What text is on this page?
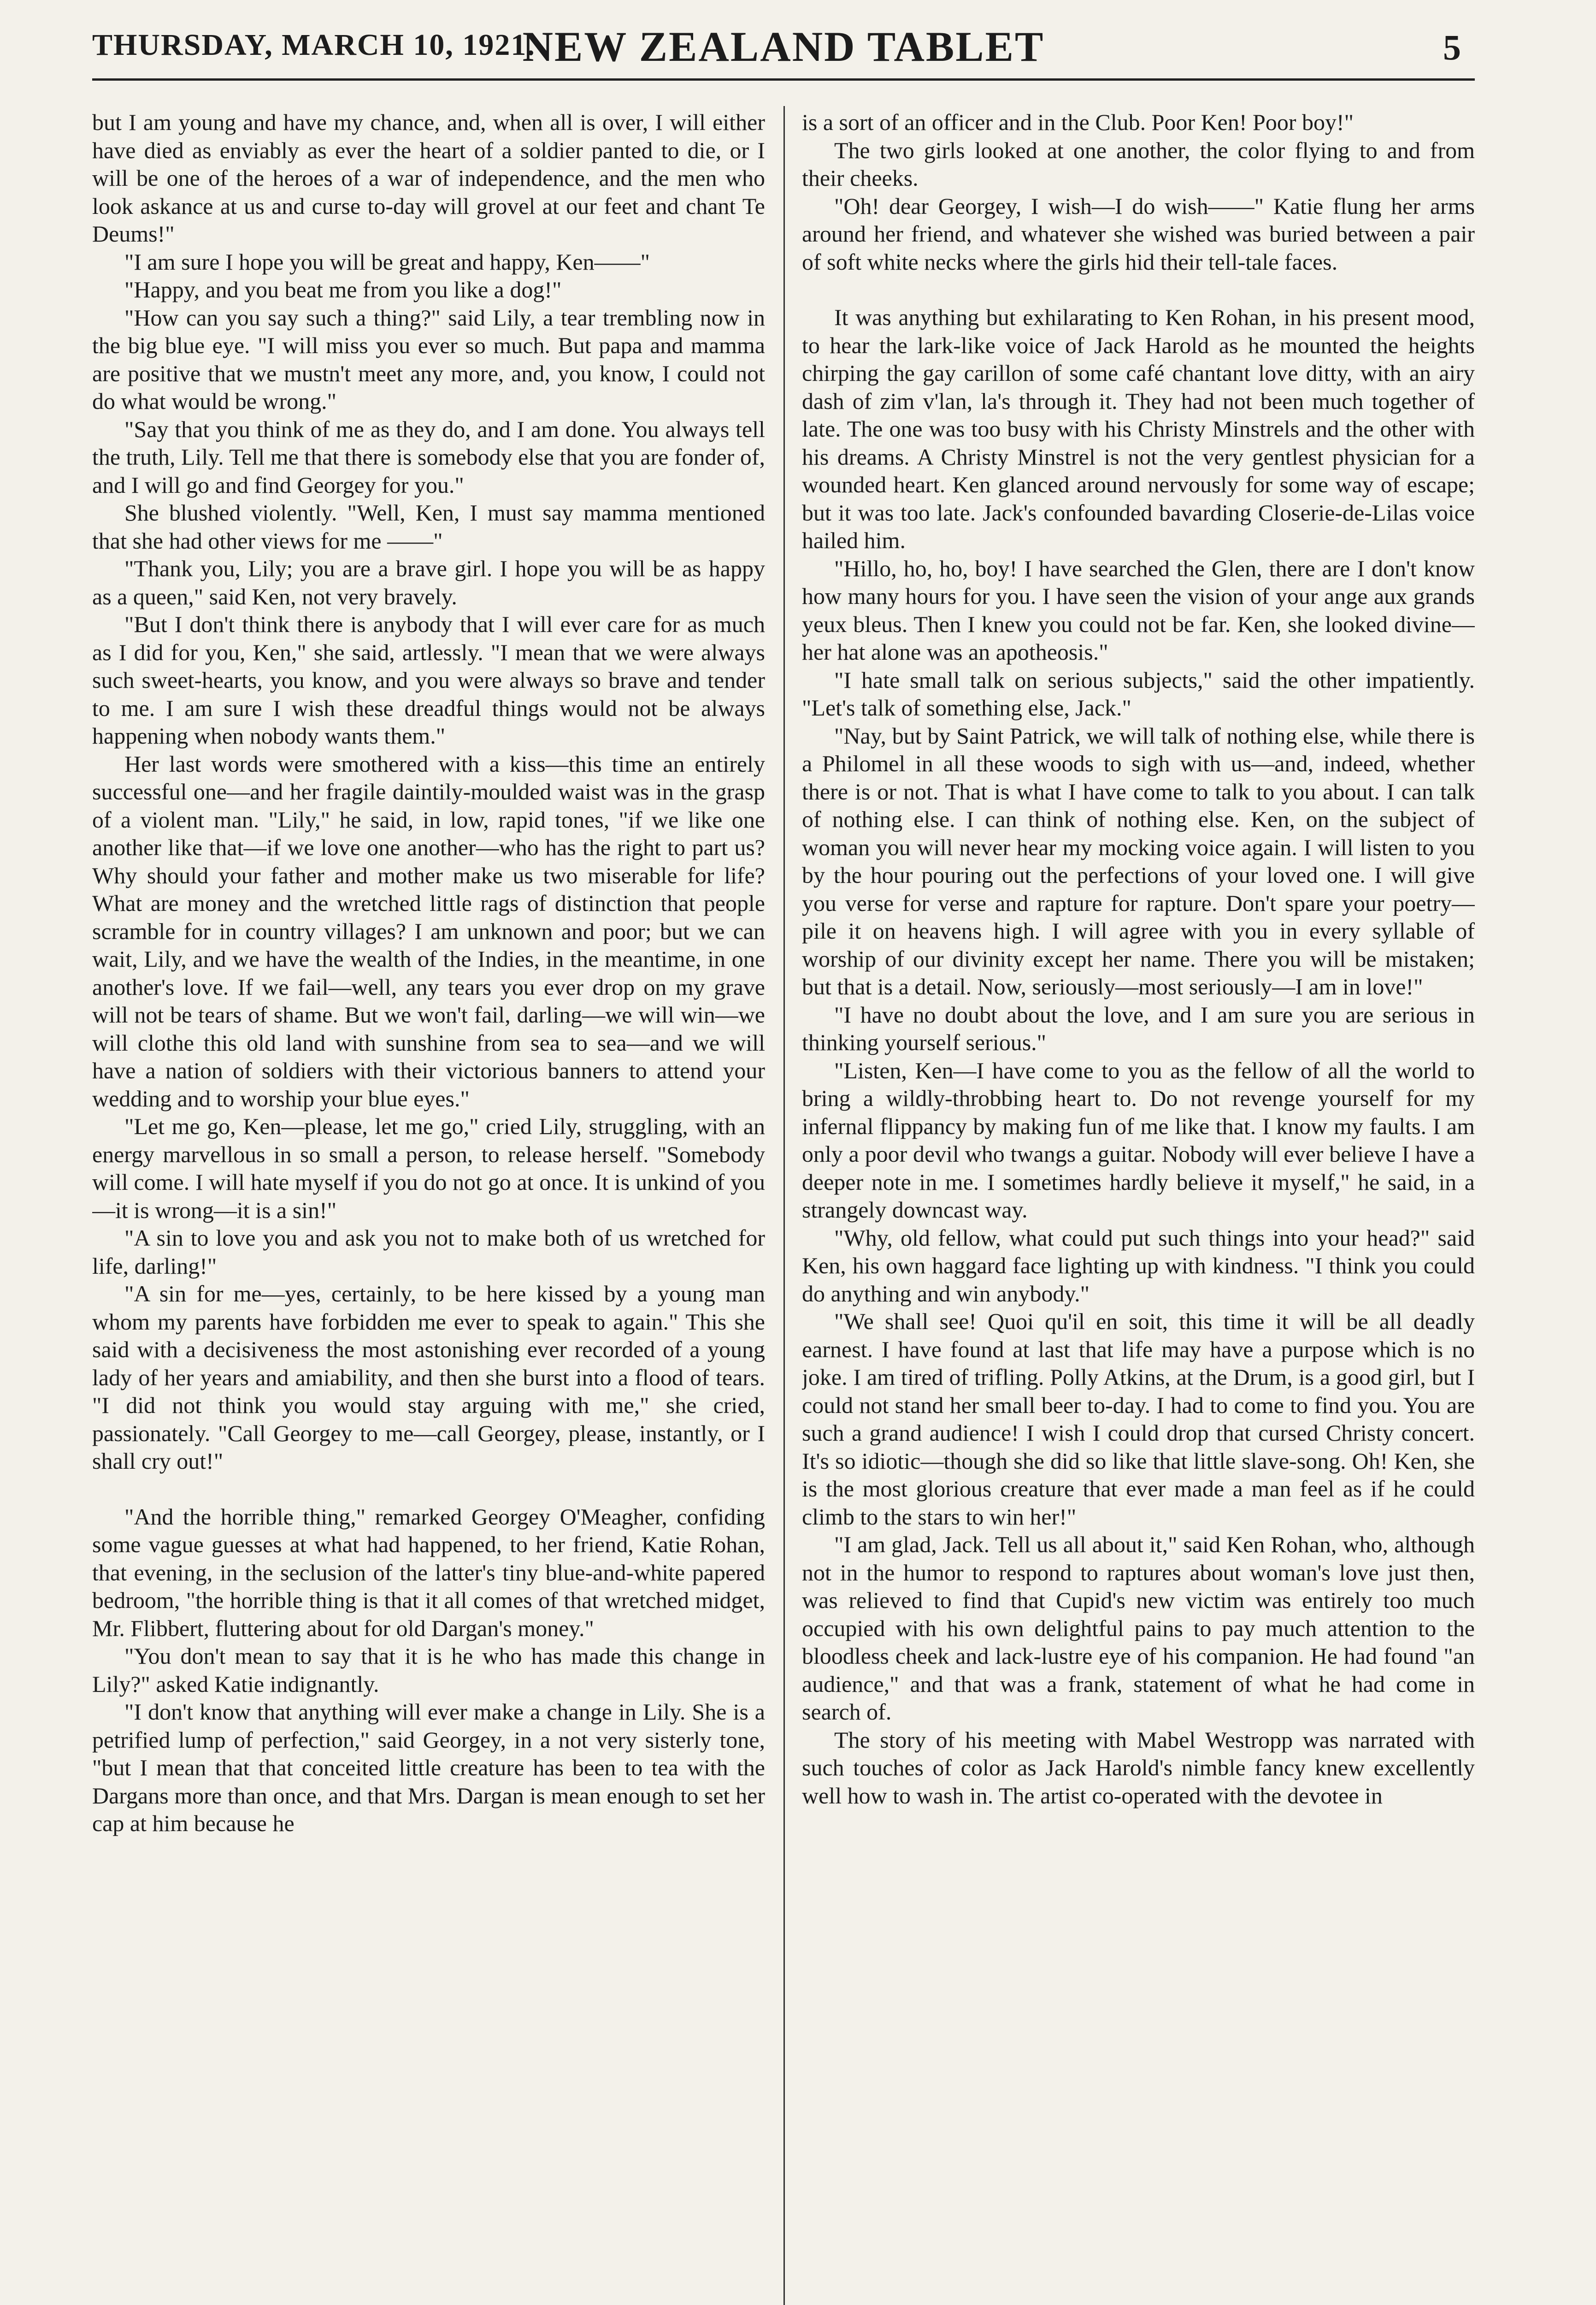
THURSDAY, MARCH 10, 1921.
NEW ZEALAND TABLET	5

but I am young and have my chance, and, when all is over, I will either have died as enviably as ever the heart of a soldier panted to die, or I will be one of the heroes of a war of independence, and the men who look askance at us and curse to-day will grovel at our feet and chant Te Deums!"

"I am sure I hope you will be great and happy, Ken——"

"Happy, and you beat me from you like a dog!"

"How can you say such a thing?" said Lily, a tear trembling now in the big blue eye. "I will miss you ever so much. But papa and mamma are positive that we mustn't meet any more, and, you know, I could not do what would be wrong."

"Say that you think of me as they do, and I am done. You always tell the truth, Lily. Tell me that there is somebody else that you are fonder of, and I will go and find Georgey for you."

She blushed violently. "Well, Ken, I must say mamma mentioned that she had other views for me ——"

"Thank you, Lily; you are a brave girl. I hope you will be as happy as a queen," said Ken, not very bravely.

"But I don't think there is anybody that I will ever care for as much as I did for you, Ken," she said, artlessly. "I mean that we were always such sweet-hearts, you know, and you were always so brave and tender to me. I am sure I wish these dreadful things would not be always happening when nobody wants them."

Her last words were smothered with a kiss—this time an entirely successful one—and her fragile daintily-moulded waist was in the grasp of a violent man. "Lily," he said, in low, rapid tones, "if we like one another like that—if we love one another—who has the right to part us? Why should your father and mother make us two miserable for life? What are money and the wretched little rags of distinction that people scramble for in country villages? I am unknown and poor; but we can wait, Lily, and we have the wealth of the Indies, in the meantime, in one another's love. If we fail—well, any tears you ever drop on my grave will not be tears of shame. But we won't fail, darling—we will win—we will clothe this old land with sunshine from sea to sea—and we will have a nation of soldiers with their victorious banners to attend your wedding and to worship your blue eyes."

"Let me go, Ken—please, let me go," cried Lily, struggling, with an energy marvellous in so small a person, to release herself. "Somebody will come. I will hate myself if you do not go at once. It is unkind of you—it is wrong—it is a sin!"

"A sin to love you and ask you not to make both of us wretched for life, darling!"

"A sin for me—yes, certainly, to be here kissed by a young man whom my parents have forbidden me ever to speak to again." This she said with a decisiveness the most astonishing ever recorded of a young lady of her years and amiability, and then she burst into a flood of tears. "I did not think you would stay arguing with me," she cried, passionately. "Call Georgey to me—call Georgey, please, instantly, or I shall cry out!"

"And the horrible thing," remarked Georgey O'Meagher, confiding some vague guesses at what had happened, to her friend, Katie Rohan, that evening, in the seclusion of the latter's tiny blue-and-white papered bedroom, "the horrible thing is that it all comes of that wretched midget, Mr. Flibbert, fluttering about for old Dargan's money."

"You don't mean to say that it is he who has made this change in Lily?" asked Katie indignantly.

"I don't know that anything will ever make a change in Lily. She is a petrified lump of perfection," said Georgey, in a not very sisterly tone, "but I mean that that conceited little creature has been to tea with the Dargans more than once, and that Mrs. Dargan is mean enough to set her cap at him because he

is a sort of an officer and in the Club. Poor Ken! Poor boy!"

The two girls looked at one another, the color flying to and from their cheeks.

"Oh! dear Georgey, I wish—I do wish——" Katie flung her arms around her friend, and whatever she wished was buried between a pair of soft white necks where the girls hid their tell-tale faces.

It was anything but exhilarating to Ken Rohan, in his present mood, to hear the lark-like voice of Jack Harold as he mounted the heights chirping the gay carillon of some café chantant love ditty, with an airy dash of zim v'lan, la's through it. They had not been much together of late. The one was too busy with his Christy Minstrels and the other with his dreams. A Christy Minstrel is not the very gentlest physician for a wounded heart. Ken glanced around nervously for some way of escape; but it was too late. Jack's confounded bavarding Closerie-de-Lilas voice hailed him.

"Hillo, ho, ho, boy! I have searched the Glen, there are I don't know how many hours for you. I have seen the vision of your ange aux grands yeux bleus. Then I knew you could not be far. Ken, she looked divine—her hat alone was an apotheosis."

"I hate small talk on serious subjects," said the other impatiently. "Let's talk of something else, Jack."

"Nay, but by Saint Patrick, we will talk of nothing else, while there is a Philomel in all these woods to sigh with us—and, indeed, whether there is or not. That is what I have come to talk to you about. I can talk of nothing else. I can think of nothing else. Ken, on the subject of woman you will never hear my mocking voice again. I will listen to you by the hour pouring out the perfections of your loved one. I will give you verse for verse and rapture for rapture. Don't spare your poetry—pile it on heavens high. I will agree with you in every syllable of worship of our divinity except her name. There you will be mistaken; but that is a detail. Now, seriously—most seriously—I am in love!"

"I have no doubt about the love, and I am sure you are serious in thinking yourself serious."

"Listen, Ken—I have come to you as the fellow of all the world to bring a wildly-throbbing heart to. Do not revenge yourself for my infernal flippancy by making fun of me like that. I know my faults. I am only a poor devil who twangs a guitar. Nobody will ever believe I have a deeper note in me. I sometimes hardly believe it myself," he said, in a strangely downcast way.

"Why, old fellow, what could put such things into your head?" said Ken, his own haggard face lighting up with kindness. "I think you could do anything and win anybody."

"We shall see! Quoi qu'il en soit, this time it will be all deadly earnest. I have found at last that life may have a purpose which is no joke. I am tired of trifling. Polly Atkins, at the Drum, is a good girl, but I could not stand her small beer to-day. I had to come to find you. You are such a grand audience! I wish I could drop that cursed Christy concert. It's so idiotic—though she did so like that little slave-song. Oh! Ken, she is the most glorious creature that ever made a man feel as if he could climb to the stars to win her!"

"I am glad, Jack. Tell us all about it," said Ken Rohan, who, although not in the humor to respond to raptures about woman's love just then, was relieved to find that Cupid's new victim was entirely too much occupied with his own delightful pains to pay much attention to the bloodless cheek and lack-lustre eye of his companion. He had found "an audience," and that was a frank, statement of what he had come in search of.

The story of his meeting with Mabel Westropp was narrated with such touches of color as Jack Harold's nimble fancy knew excellently well how to wash in. The artist co-operated with the devotee in
